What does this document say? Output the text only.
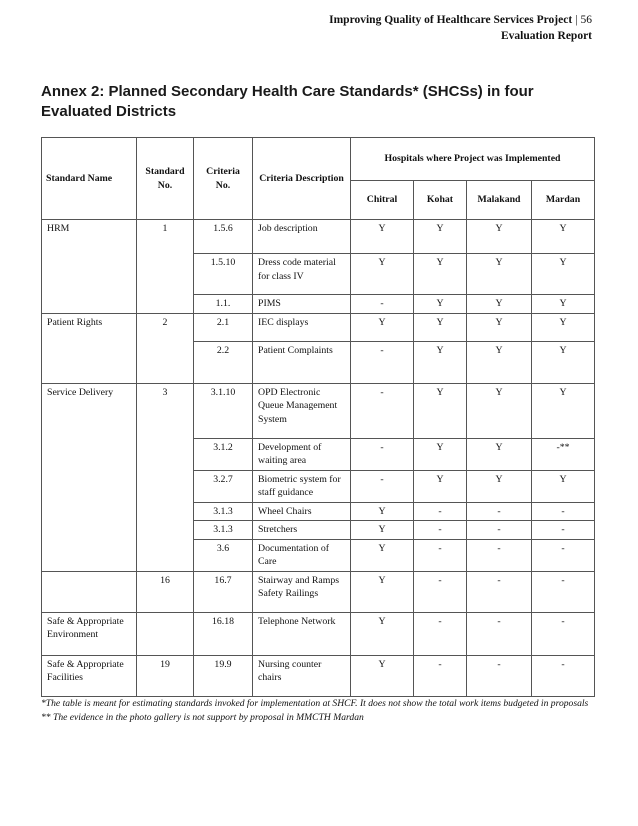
Improving Quality of Healthcare Services Project | 56
Evaluation Report
Annex 2: Planned Secondary Health Care Standards* (SHCSs) in four Evaluated Districts
Standard Name	Standard No.	Criteria No.	Criteria Description	Hospitals where Project was Implemented			
				Chitral	Kohat	Malakand	Mardan
HRM	1	1.5.6	Job description	Y	Y	Y	Y
		1.5.10	Dress code material for class IV	Y	Y	Y	Y
		1.1.	PIMS	-	Y	Y	Y
Patient Rights	2	2.1	IEC displays	Y	Y	Y	Y
		2.2	Patient Complaints	-	Y	Y	Y
Service Delivery	3	3.1.10	OPD Electronic Queue Management System	-	Y	Y	Y
		3.1.2	Development of waiting area	-	Y	Y	-**
		3.2.7	Biometric system for staff guidance	-	Y	Y	Y
		3.1.3	Wheel Chairs	Y	-	-	-
		3.1.3	Stretchers	Y	-	-	-
		3.6	Documentation of Care	Y	-	-	-
	16	16.7	Stairway and Ramps Safety Railings	Y	-	-	-
Safe & Appropriate Environment		16.18	Telephone Network	Y	-	-	-
Safe & Appropriate Facilities	19	19.9	Nursing counter chairs	Y	-	-	-

*The table is meant for estimating standards invoked for implementation at SHCF. It does not show the total work items budgeted in proposals

** The evidence in the photo gallery is not support by proposal in MMCTH Mardan
